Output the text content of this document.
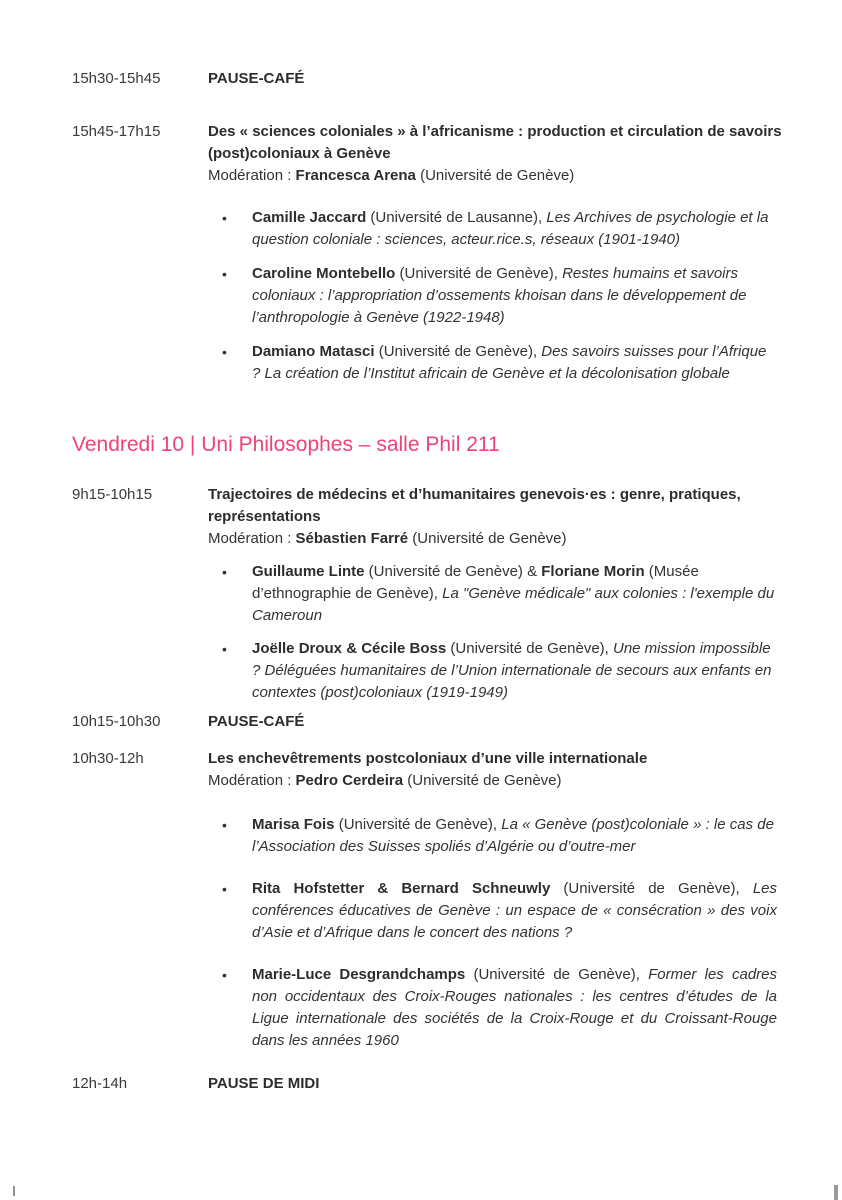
15h30-15h45	PAUSE-CAFÉ

15h45-17h15	Des « sciences coloniales » à l’africanisme : production et circulation de savoirs (post)coloniaux à Genève

Modération : Francesca Arena (Université de Genève)

•	Camille Jaccard (Université de Lausanne), Les Archives de psychologie et la question coloniale : sciences, acteur.rice.s, réseaux (1901-1940)

•	Caroline Montebello (Université de Genève), Restes humains et savoirs coloniaux : l’appropriation d’ossements khoisan dans le développement de l’anthropologie à Genève (1922-1948)

•	Damiano Matasci (Université de Genève), Des savoirs suisses pour l’Afrique ? La création de l’Institut africain de Genève et la décolonisation globale

Vendredi 10 | Uni Philosophes – salle Phil 211
9h15-10h15	Trajectoires de médecins et d’humanitaires genevois·es : genre, pratiques, représentations

Modération : Sébastien Farré (Université de Genève)

•	Guillaume Linte (Université de Genève) & Floriane Morin (Musée d’ethnographie de Genève), La "Genève médicale" aux colonies : l'exemple du Cameroun

•	Joëlle Droux & Cécile Boss (Université de Genève), Une mission impossible ? Déléguées humanitaires de l’Union internationale de secours aux enfants en contextes (post)coloniaux (1919-1949)

10h15-10h30	PAUSE-CAFÉ

10h30-12h	Les enchevêtrements postcoloniaux d’une ville internationale

Modération : Pedro Cerdeira (Université de Genève)

•	Marisa Fois (Université de Genève), La « Genève (post)coloniale » : le cas de l’Association des Suisses spoliés d’Algérie ou d’outre-mer

•	Rita Hofstetter & Bernard Schneuwly (Université de Genève), Les conférences éducatives de Genève : un espace de « consécration » des voix d’Asie et d’Afrique dans le concert des nations ?

•	Marie-Luce Desgrandchamps (Université de Genève), Former les cadres non occidentaux des Croix-Rouges nationales : les centres d’études de la Ligue internationale des sociétés de la Croix-Rouge et du Croissant-Rouge dans les années 1960

12h-14h	PAUSE DE MIDI
